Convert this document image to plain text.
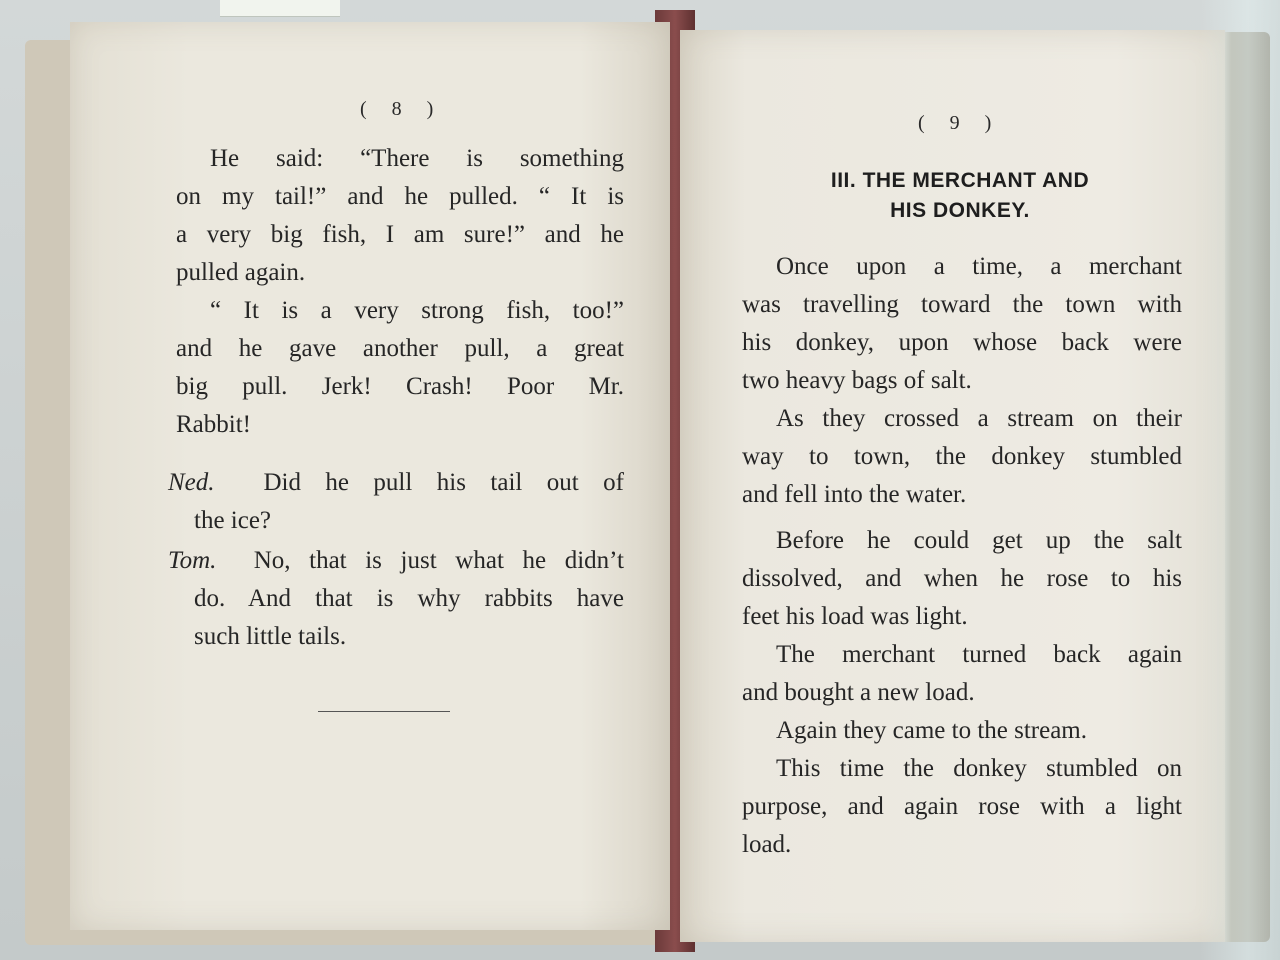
( 8 )
( 9 )
He said: “There is something
on my tail!” and he pulled. “ It is
a very big fish, I am sure!” and he
pulled again.
“ It is a very strong fish, too!”
and he gave another pull, a great
big pull. Jerk! Crash! Poor Mr.
Rabbit!
Ned. Did he pull his tail out of
the ice?
Tom. No, that is just what he didn’t
do. And that is why rabbits have
such little tails.
III. THE MERCHANT AND
HIS DONKEY.
Once upon a time, a merchant
was travelling toward the town with
his donkey, upon whose back were
two heavy bags of salt.
As they crossed a stream on their
way to town, the donkey stumbled
and fell into the water.
Before he could get up the salt
dissolved, and when he rose to his
feet his load was light.
The merchant turned back again
and bought a new load.
Again they came to the stream.
This time the donkey stumbled on
purpose, and again rose with a light
load.
